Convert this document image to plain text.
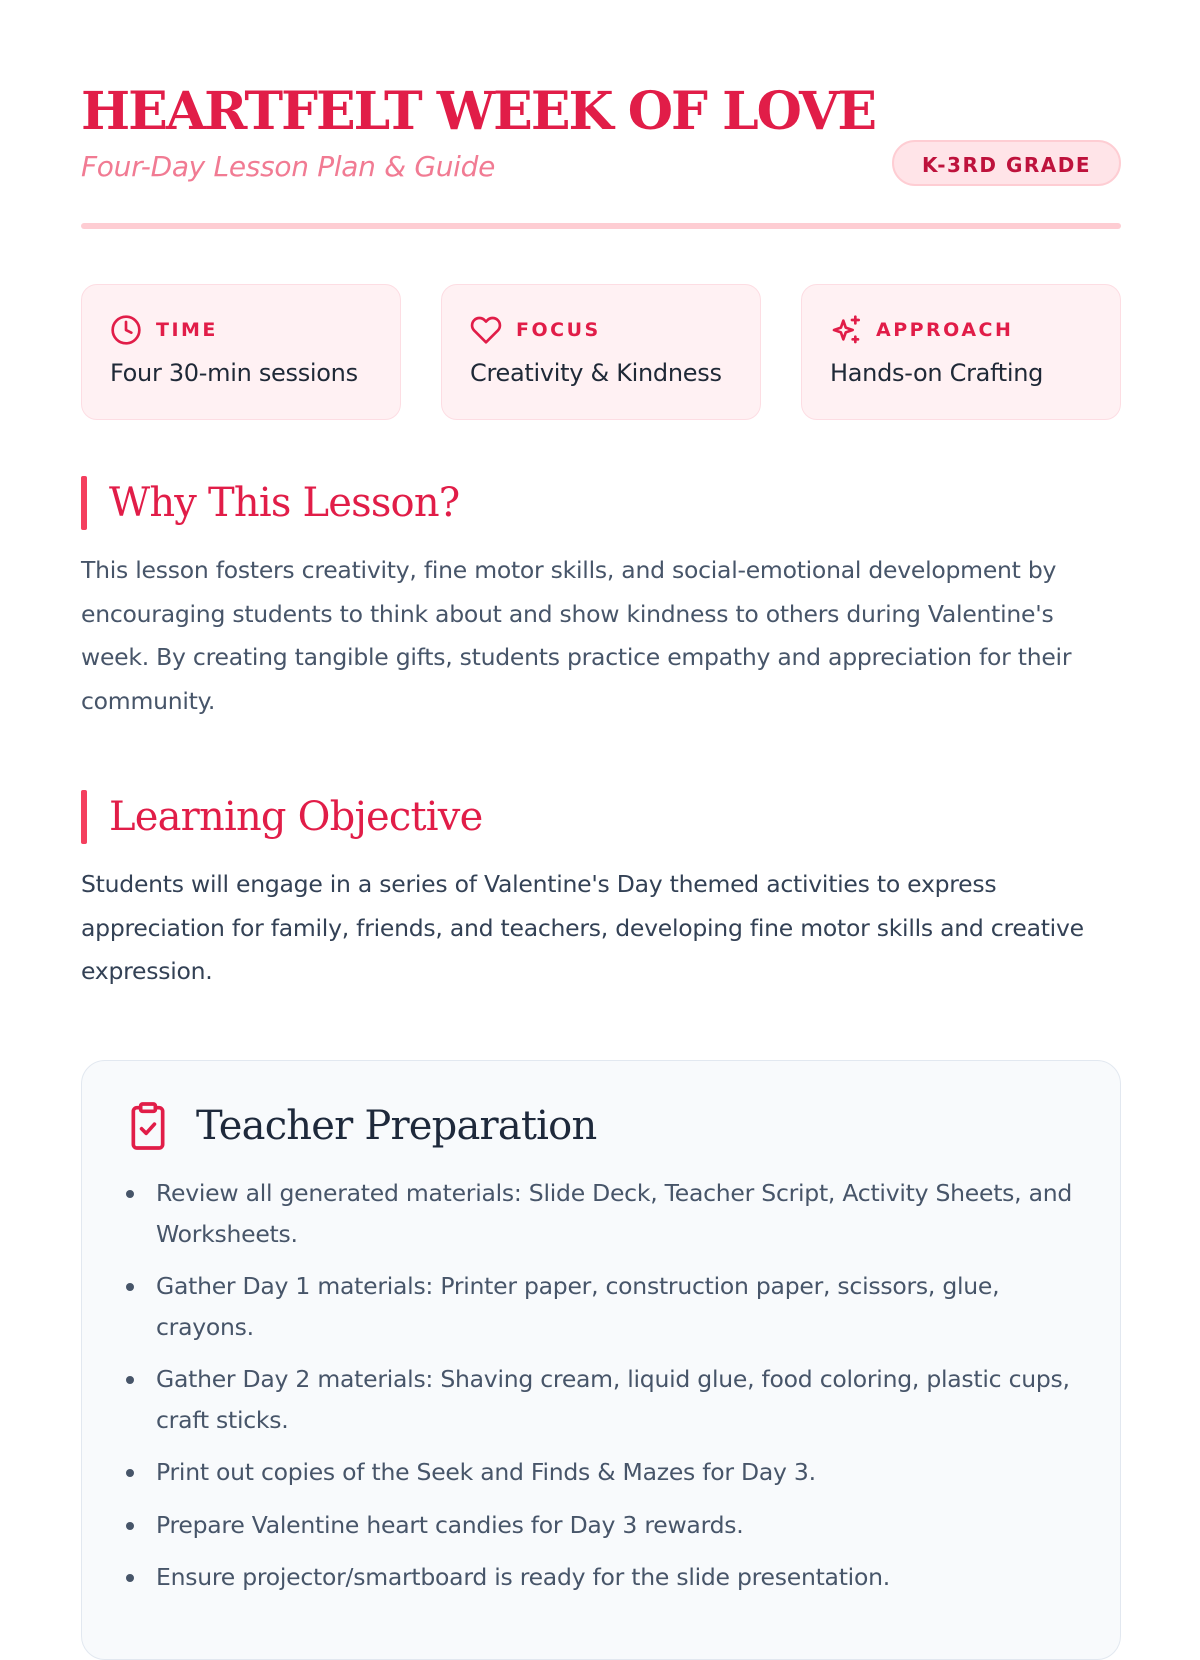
HEARTFELT WEEK OF LOVE
Four-Day Lesson Plan & Guide	K-3RD GRADE
TIME
Four 30-min sessions
FOCUS
Creativity & Kindness
APPROACH
Hands-on Crafting
Why This Lesson?

This lesson fosters creativity, fine motor skills, and social-emotional development by encouraging students to think about and show kindness to others during Valentine's week. By creating tangible gifts, students practice empathy and appreciation for their community.

Learning Objective

Students will engage in a series of Valentine's Day themed activities to express appreciation for family, friends, and teachers, developing fine motor skills and creative expression.

Teacher Preparation
Review all generated materials: Slide Deck, Teacher Script, Activity Sheets, and Worksheets.
Gather Day 1 materials: Printer paper, construction paper, scissors, glue, crayons.
Gather Day 2 materials: Shaving cream, liquid glue, food coloring, plastic cups, craft sticks.
Print out copies of the Seek and Finds & Mazes for Day 3.
Prepare Valentine heart candies for Day 3 rewards.
Ensure projector/smartboard is ready for the slide presentation.
